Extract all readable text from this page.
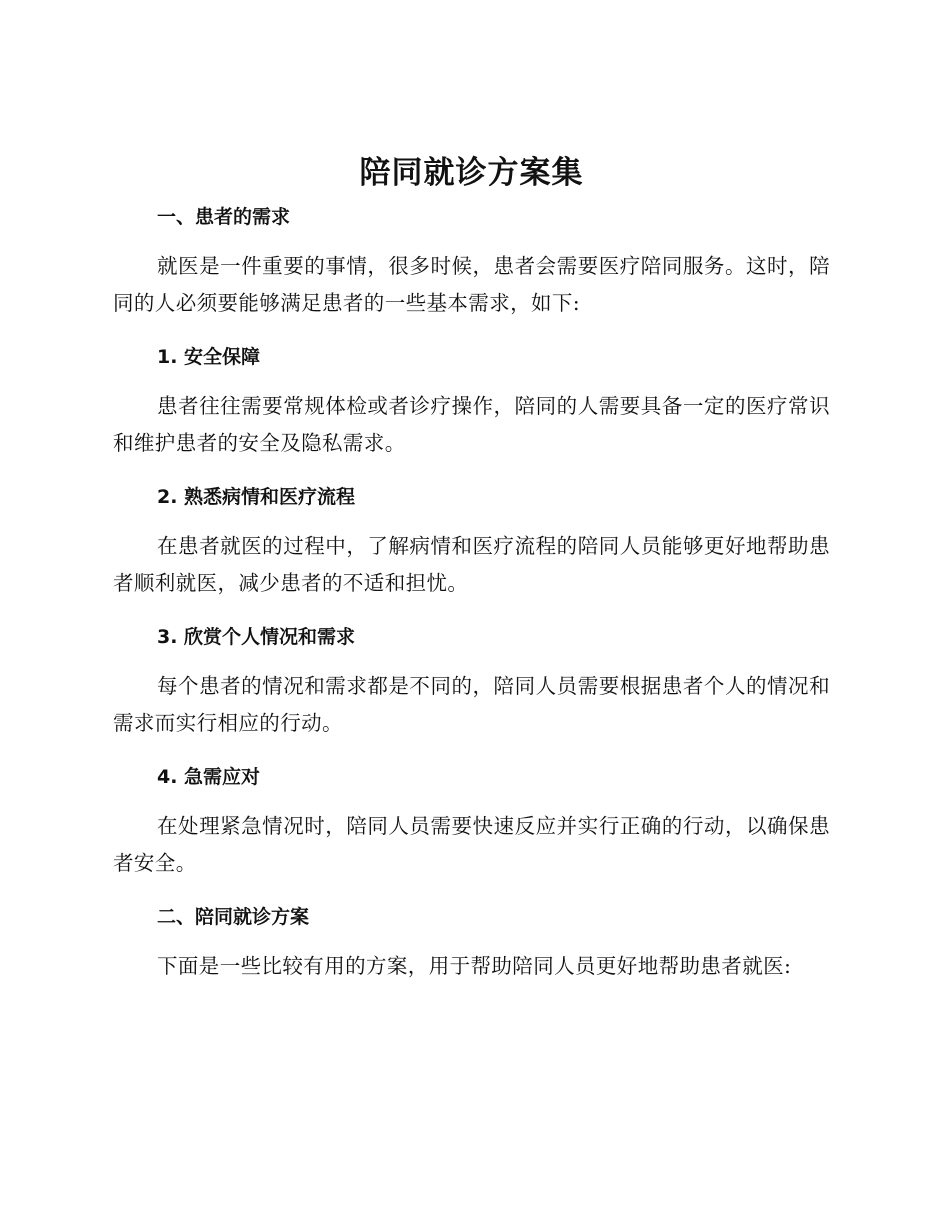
陪同就诊方案集
一、患者的需求

就医是一件重要的事情，很多时候，患者会需要医疗陪同服务。这时，陪同的人必须要能够满足患者的一些基本需求，如下:

1. 安全保障

患者往往需要常规体检或者诊疗操作，陪同的人需要具备一定的医疗常识和维护患者的安全及隐私需求。

2. 熟悉病情和医疗流程

在患者就医的过程中，了解病情和医疗流程的陪同人员能够更好地帮助患者顺利就医，减少患者的不适和担忧。

3. 欣赏个人情况和需求

每个患者的情况和需求都是不同的，陪同人员需要根据患者个人的情况和需求而实行相应的行动。

4. 急需应对

在处理紧急情况时，陪同人员需要快速反应并实行正确的行动，以确保患者安全。

二、陪同就诊方案

下面是一些比较有用的方案，用于帮助陪同人员更好地帮助患者就医:
